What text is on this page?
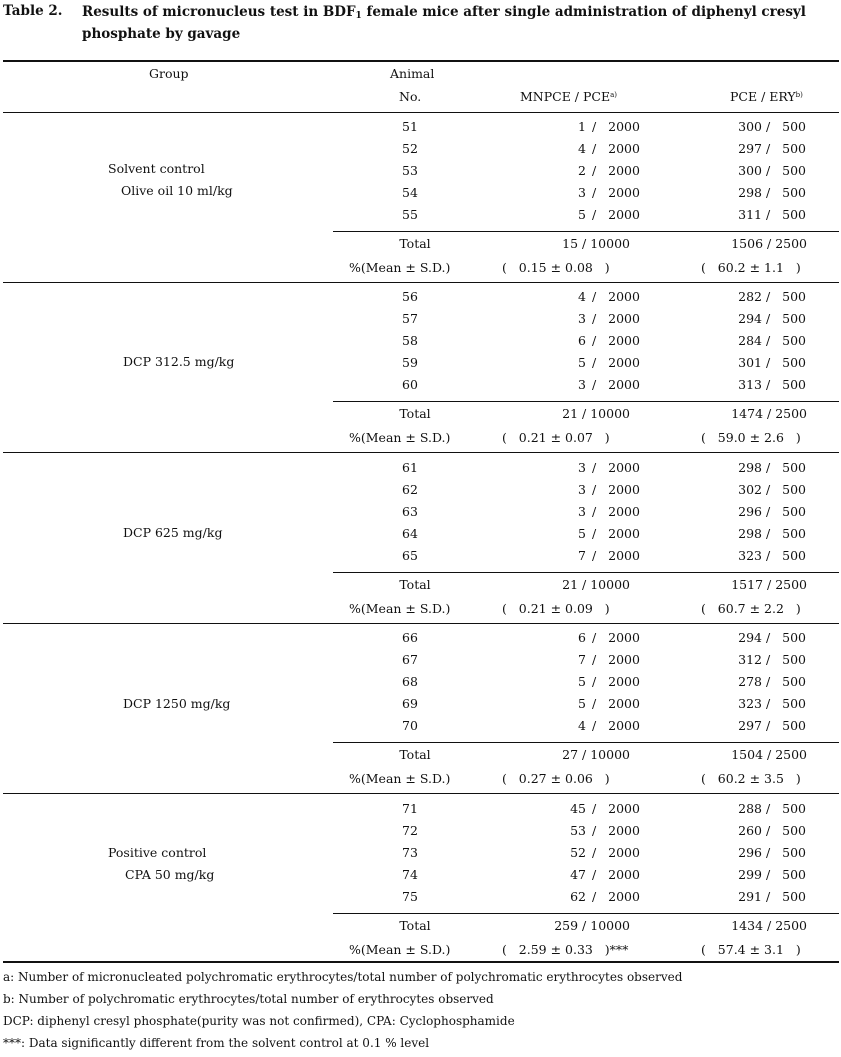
Table 2. Results of micronucleus test in $BDF_1$ female mice after single administration of diphenyl cresyl phosphate by gavage
Group	Animal
No.	MNPCE / PCE$^{a)}$	PCE / ERY$^{b)}$
Solvent control
Olive oil 10 ml/kg
51	1 /   2000	300 /   500
52	4 /   2000	297 /   500
53	2 /   2000	300 /   500
54	3 /   2000	298 /   500
55	5 /   2000	311 /   500
Total	15 / 10000	1506 / 2500
%(Mean ± S.D.)	(   0.15 ± 0.08   )	(   60.2 ± 1.1   )
DCP 312.5 mg/kg
56	4 /   2000	282 /   500
57	3 /   2000	294 /   500
58	6 /   2000	284 /   500
59	5 /   2000	301 /   500
60	3 /   2000	313 /   500
Total	21 / 10000	1474 / 2500
%(Mean ± S.D.)	(   0.21 ± 0.07   )	(   59.0 ± 2.6   )
DCP 625 mg/kg
61	3 /   2000	298 /   500
62	3 /   2000	302 /   500
63	3 /   2000	296 /   500
64	5 /   2000	298 /   500
65	7 /   2000	323 /   500
Total	21 / 10000	1517 / 2500
%(Mean ± S.D.)	(   0.21 ± 0.09   )	(   60.7 ± 2.2   )
DCP 1250 mg/kg
66	6 /   2000	294 /   500
67	7 /   2000	312 /   500
68	5 /   2000	278 /   500
69	5 /   2000	323 /   500
70	4 /   2000	297 /   500
Total	27 / 10000	1504 / 2500
%(Mean ± S.D.)	(   0.27 ± 0.06   )	(   60.2 ± 3.5   )
Positive control
CPA 50 mg/kg
71	45 /   2000	288 /   500
72	53 /   2000	260 /   500
73	52 /   2000	296 /   500
74	47 /   2000	299 /   500
75	62 /   2000	291 /   500
Total	259 / 10000	1434 / 2500
%(Mean ± S.D.)	(   2.59 ± 0.33   )***	(   57.4 ± 3.1   )
a: Number of micronucleated polychromatic erythrocytes/total number of polychromatic erythrocytes observed
b: Number of polychromatic erythrocytes/total number of erythrocytes observed
DCP: diphenyl cresyl phosphate(purity was not confirmed), CPA: Cyclophosphamide
***: Data significantly different from the solvent control at 0.1 % level
